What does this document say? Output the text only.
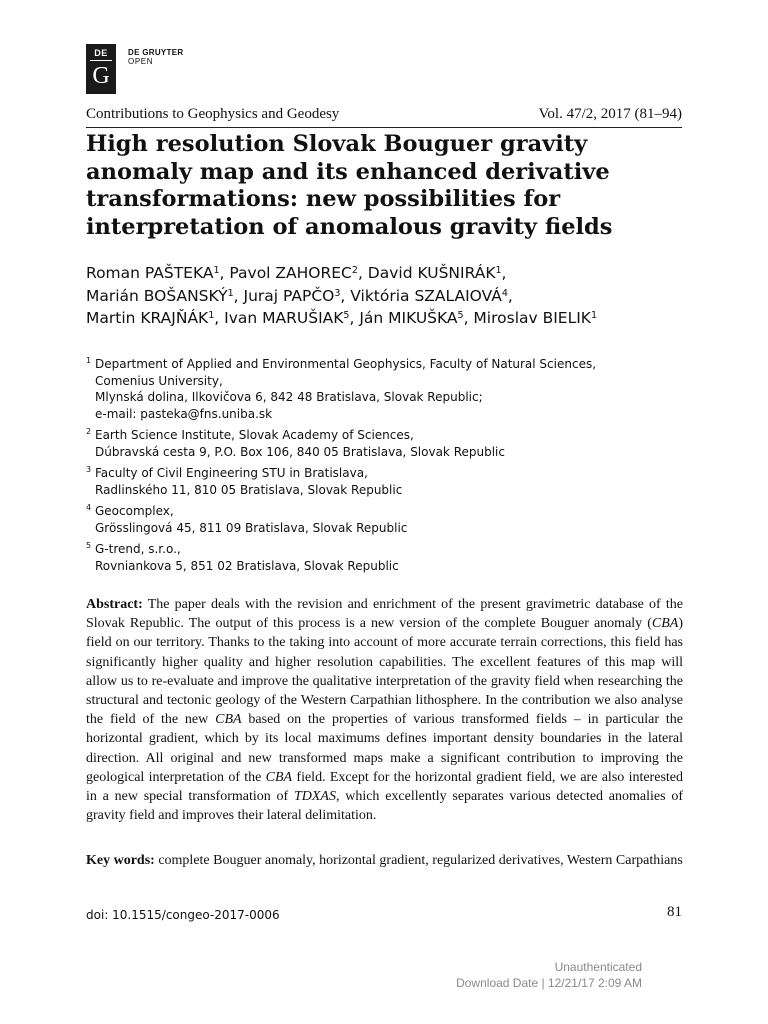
DE
G
DE GRUYTER
OPEN
Contributions to Geophysics and Geodesy	Vol. 47/2, 2017 (81–94)
High resolution Slovak Bouguer gravity anomaly map and its enhanced derivative transformations: new possibilities for interpretation of anomalous gravity fields
Roman PAŠTEKA$^1$, Pavol ZAHOREC$^2$, David KUŠNIRÁK$^1$,
Marián BOŠANSKÝ$^1$, Juraj PAPČO$^3$, Viktória SZALAIOVÁ$^4$,
Martin KRAJŇÁK$^1$, Ivan MARUŠIAK$^5$, Ján MIKUŠKA$^5$, Miroslav BIELIK$^1$
1 Department of Applied and Environmental Geophysics, Faculty of Natural Sciences,
Comenius University,
Mlynská dolina, Ilkovičova 6, 842 48 Bratislava, Slovak Republic;
e-mail: pasteka@fns.uniba.sk
2 Earth Science Institute, Slovak Academy of Sciences,
Dúbravská cesta 9, P.O. Box 106, 840 05 Bratislava, Slovak Republic
3 Faculty of Civil Engineering STU in Bratislava,
Radlinského 11, 810 05 Bratislava, Slovak Republic
4 Geocomplex,
Grösslingová 45, 811 09 Bratislava, Slovak Republic
5 G-trend, s.r.o.,
Rovniankova 5, 851 02 Bratislava, Slovak Republic

Abstract: The paper deals with the revision and enrichment of the present gravimetric database of the Slovak Republic. The output of this process is a new version of the complete Bouguer anomaly (CBA) field on our territory. Thanks to the taking into account of more accurate terrain corrections, this field has significantly higher quality and higher resolution capabilities. The excellent features of this map will allow us to re-evaluate and improve the qualitative interpretation of the gravity field when researching the structural and tectonic geology of the Western Carpathian lithosphere. In the contribution we also analyse the field of the new CBA based on the properties of various transformed fields – in particular the horizontal gradient, which by its local maximums defines important density boundaries in the lateral direction. All original and new transformed maps make a significant contribution to improving the geological interpretation of the CBA field. Except for the horizontal gradient field, we are also interested in a new special transformation of TDXAS, which excellently separates various detected anomalies of gravity field and improves their lateral delimitation.

Key words: complete Bouguer anomaly, horizontal gradient, regularized derivatives, Western Carpathians

doi: 10.1515/congeo-2017-0006	81
Unauthenticated
Download Date | 12/21/17 2:09 AM
